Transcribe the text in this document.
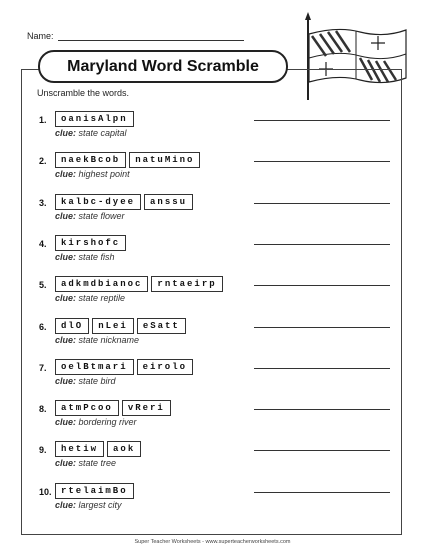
Name:
Maryland Word Scramble
Unscramble the words.
1.	oanisAlpn
clue: state capital
2.	naekBcob	natuMino
clue: highest point
3.	kalbc-dyee	anssu
clue: state flower
4.	kirshofc
clue: state fish
5.	adkmdbianoc	rntaeirp
clue: state reptile
6.	dlO	nLei	eSatt
clue: state nickname
7.	oelBtmari	eirolo
clue: state bird
8.	atmPcoo	vReri
clue: bordering river
9.	hetiw	aok
clue: state tree
10.	rtelaimBo
clue: largest city
Super Teacher Worksheets - www.superteacherworksheets.com
